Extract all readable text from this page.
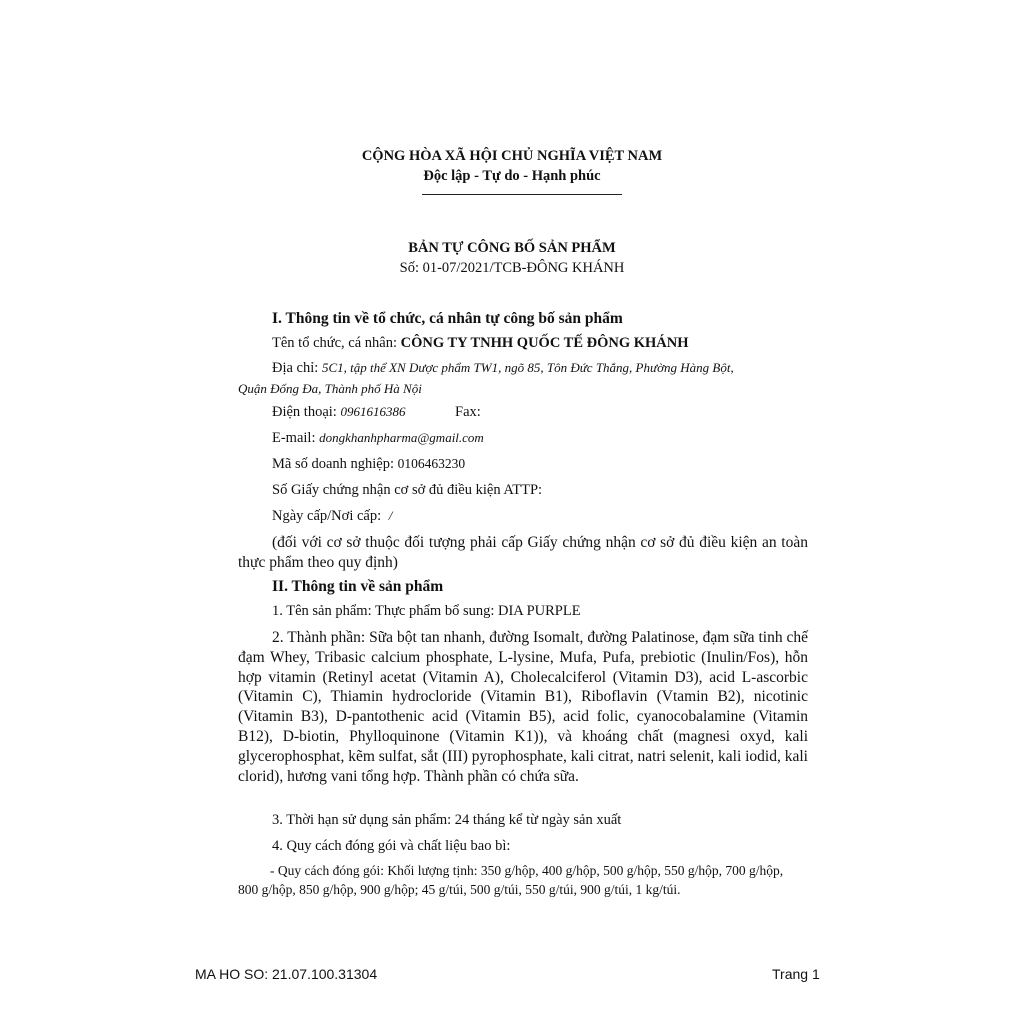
CỘNG HÒA XÃ HỘI CHỦ NGHĨA VIỆT NAM
Độc lập - Tự do - Hạnh phúc
BẢN TỰ CÔNG BỐ SẢN PHẨM
Số: 01-07/2021/TCB-ĐÔNG KHÁNH
I. Thông tin về tổ chức, cá nhân tự công bố sản phẩm
Tên tổ chức, cá nhân: CÔNG TY TNHH QUỐC TẾ ĐÔNG KHÁNH
Địa chỉ: 5C1, tập thể XN Dược phẩm TW1, ngõ 85, Tôn Đức Thắng, Phường Hàng Bột,
Quận Đống Đa, Thành phố Hà Nội
Điện thoại: 0961616386	Fax:
E-mail: dongkhanhpharma@gmail.com
Mã số doanh nghiệp: 0106463230
Số Giấy chứng nhận cơ sở đủ điều kiện ATTP:
Ngày cấp/Nơi cấp: /
(đối với cơ sở thuộc đối tượng phải cấp Giấy chứng nhận cơ sở đủ điều kiện an toàn thực phẩm theo quy định)
II. Thông tin về sản phẩm
1. Tên sản phẩm: Thực phẩm bổ sung: DIA PURPLE
2. Thành phần: Sữa bột tan nhanh, đường Isomalt, đường Palatinose, đạm sữa tinh chế đạm Whey, Tribasic calcium phosphate, L-lysine, Mufa, Pufa, prebiotic (Inulin/Fos), hỗn hợp vitamin (Retinyl acetat (Vitamin A), Cholecalciferol (Vitamin D3), acid L-ascorbic (Vitamin C), Thiamin hydrocloride (Vitamin B1), Riboflavin (Vtamin B2), nicotinic (Vitamin B3), D-pantothenic acid (Vitamin B5), acid folic, cyanocobalamine (Vitamin B12), D-biotin, Phylloquinone (Vitamin K1)), và khoáng chất (magnesi oxyd, kali glycerophosphat, kẽm sulfat, sắt (III) pyrophosphate, kali citrat, natri selenit, kali iodid, kali clorid), hương vani tổng hợp. Thành phần có chứa sữa.
3. Thời hạn sử dụng sản phẩm: 24 tháng kể từ ngày sản xuất
4. Quy cách đóng gói và chất liệu bao bì:
- Quy cách đóng gói: Khối lượng tịnh: 350 g/hộp, 400 g/hộp, 500 g/hộp, 550 g/hộp, 700 g/hộp, 800 g/hộp, 850 g/hộp, 900 g/hộp; 45 g/túi, 500 g/túi, 550 g/túi, 900 g/túi, 1 kg/túi.
MA HO SO: 21.07.100.31304	Trang 1
